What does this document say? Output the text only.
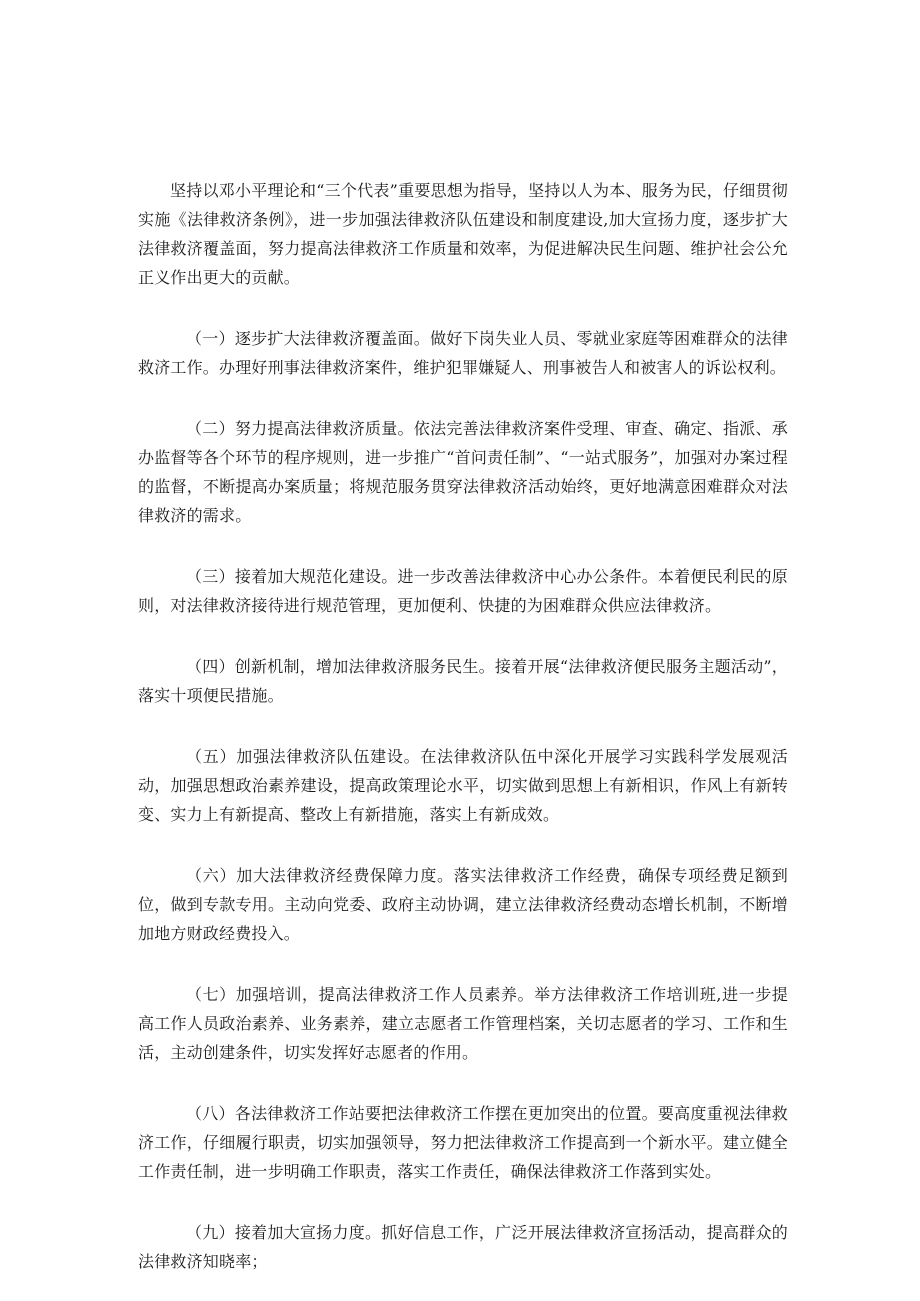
坚持以邓小平理论和“三个代表”重要思想为指导，坚持以人为本、服务为民，仔细贯彻实施《法律救济条例》，进一步加强法律救济队伍建设和制度建设,加大宣扬力度，逐步扩大法律救济覆盖面，努力提高法律救济工作质量和效率，为促进解决民生问题、维护社会公允正义作出更大的贡献。

（一）逐步扩大法律救济覆盖面。做好下岗失业人员、零就业家庭等困难群众的法律救济工作。办理好刑事法律救济案件，维护犯罪嫌疑人、刑事被告人和被害人的诉讼权利。

（二）努力提高法律救济质量。依法完善法律救济案件受理、审查、确定、指派、承办监督等各个环节的程序规则，进一步推广“首问责任制”、“一站式服务”，加强对办案过程的监督，不断提高办案质量；将规范服务贯穿法律救济活动始终，更好地满意困难群众对法律救济的需求。

（三）接着加大规范化建设。进一步改善法律救济中心办公条件。本着便民利民的原则，对法律救济接待进行规范管理，更加便利、快捷的为困难群众供应法律救济。

（四）创新机制，增加法律救济服务民生。接着开展“法律救济便民服务主题活动”，落实十项便民措施。

（五）加强法律救济队伍建设。在法律救济队伍中深化开展学习实践科学发展观活动，加强思想政治素养建设，提高政策理论水平，切实做到思想上有新相识，作风上有新转变、实力上有新提高、整改上有新措施，落实上有新成效。

（六）加大法律救济经费保障力度。落实法律救济工作经费，确保专项经费足额到位，做到专款专用。主动向党委、政府主动协调，建立法律救济经费动态增长机制，不断增加地方财政经费投入。

（七）加强培训，提高法律救济工作人员素养。举方法律救济工作培训班,进一步提高工作人员政治素养、业务素养，建立志愿者工作管理档案，关切志愿者的学习、工作和生活，主动创建条件，切实发挥好志愿者的作用。

（八）各法律救济工作站要把法律救济工作摆在更加突出的位置。要高度重视法律救济工作，仔细履行职责，切实加强领导，努力把法律救济工作提高到一个新水平。建立健全工作责任制，进一步明确工作职责，落实工作责任，确保法律救济工作落到实处。

（九）接着加大宣扬力度。抓好信息工作，广泛开展法律救济宣扬活动，提高群众的法律救济知晓率；
